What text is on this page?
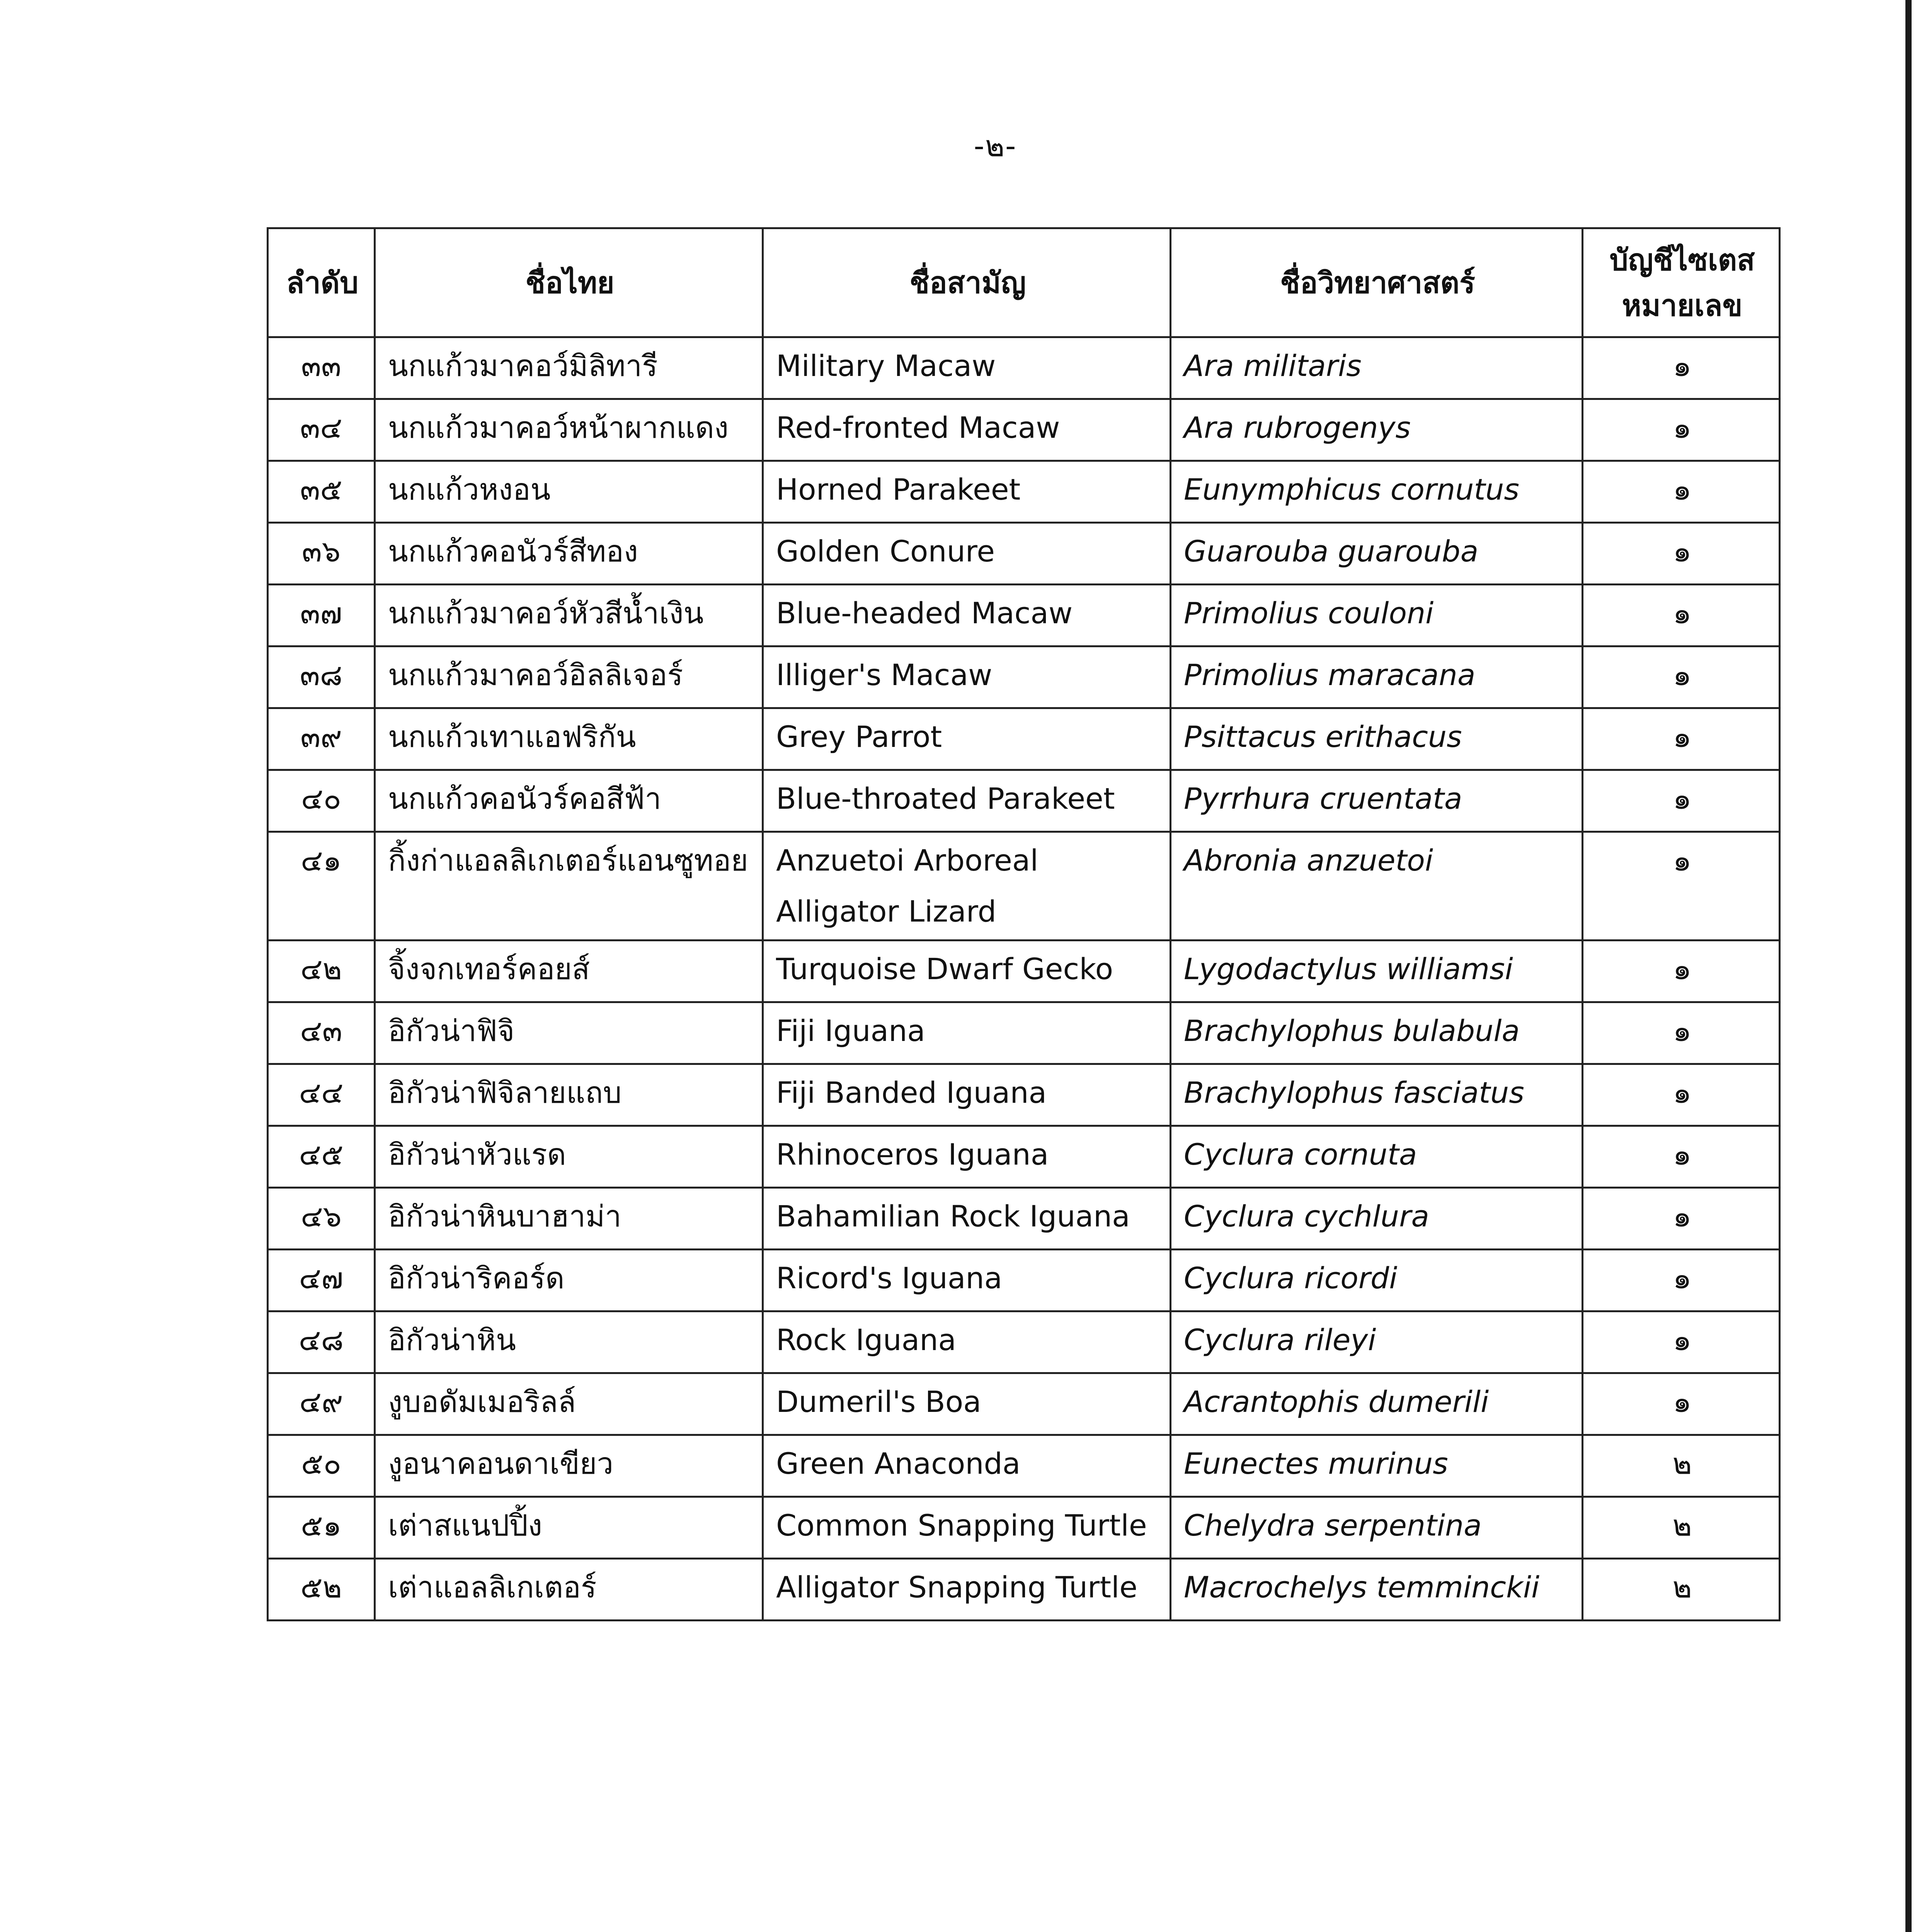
-๒-
ลำดับ	ชื่อไทย	ชื่อสามัญ	ชื่อวิทยาศาสตร์	บัญชีไซเตส
หมายเลข

๓๓	นกแก้วมาคอว์มิลิทารี	Military Macaw	Ara militaris	๑
๓๔	นกแก้วมาคอว์หน้าผากแดง	Red-fronted Macaw	Ara rubrogenys	๑
๓๕	นกแก้วหงอน	Horned Parakeet	Eunymphicus cornutus	๑
๓๖	นกแก้วคอนัวร์สีทอง	Golden Conure	Guarouba guarouba	๑
๓๗	นกแก้วมาคอว์หัวสีน้ำเงิน	Blue-headed Macaw	Primolius couloni	๑
๓๘	นกแก้วมาคอว์อิลลิเจอร์	Illiger's Macaw	Primolius maracana	๑
๓๙	นกแก้วเทาแอฟริกัน	Grey Parrot	Psittacus erithacus	๑
๔๐	นกแก้วคอนัวร์คอสีฟ้า	Blue-throated Parakeet	Pyrrhura cruentata	๑
๔๑	กิ้งก่าแอลลิเกเตอร์แอนซูทอย	Anzuetoi Arboreal Alligator Lizard	Abronia anzuetoi	๑
๔๒	จิ้งจกเทอร์คอยส์	Turquoise Dwarf Gecko	Lygodactylus williamsi	๑
๔๓	อิกัวน่าฟิจิ	Fiji Iguana	Brachylophus bulabula	๑
๔๔	อิกัวน่าฟิจิลายแถบ	Fiji Banded Iguana	Brachylophus fasciatus	๑
๔๕	อิกัวน่าหัวแรด	Rhinoceros Iguana	Cyclura cornuta	๑
๔๖	อิกัวน่าหินบาฮาม่า	Bahamilian Rock Iguana	Cyclura cychlura	๑
๔๗	อิกัวน่าริคอร์ด	Ricord's Iguana	Cyclura ricordi	๑
๔๘	อิกัวน่าหิน	Rock Iguana	Cyclura rileyi	๑
๔๙	งูบอดัมเมอริลล์	Dumeril's Boa	Acrantophis dumerili	๑
๕๐	งูอนาคอนดาเขียว	Green Anaconda	Eunectes murinus	๒
๕๑	เต่าสแนปปิ้ง	Common Snapping Turtle	Chelydra serpentina	๒
๕๒	เต่าแอลลิเกเตอร์	Alligator Snapping Turtle	Macrochelys temminckii	๒
